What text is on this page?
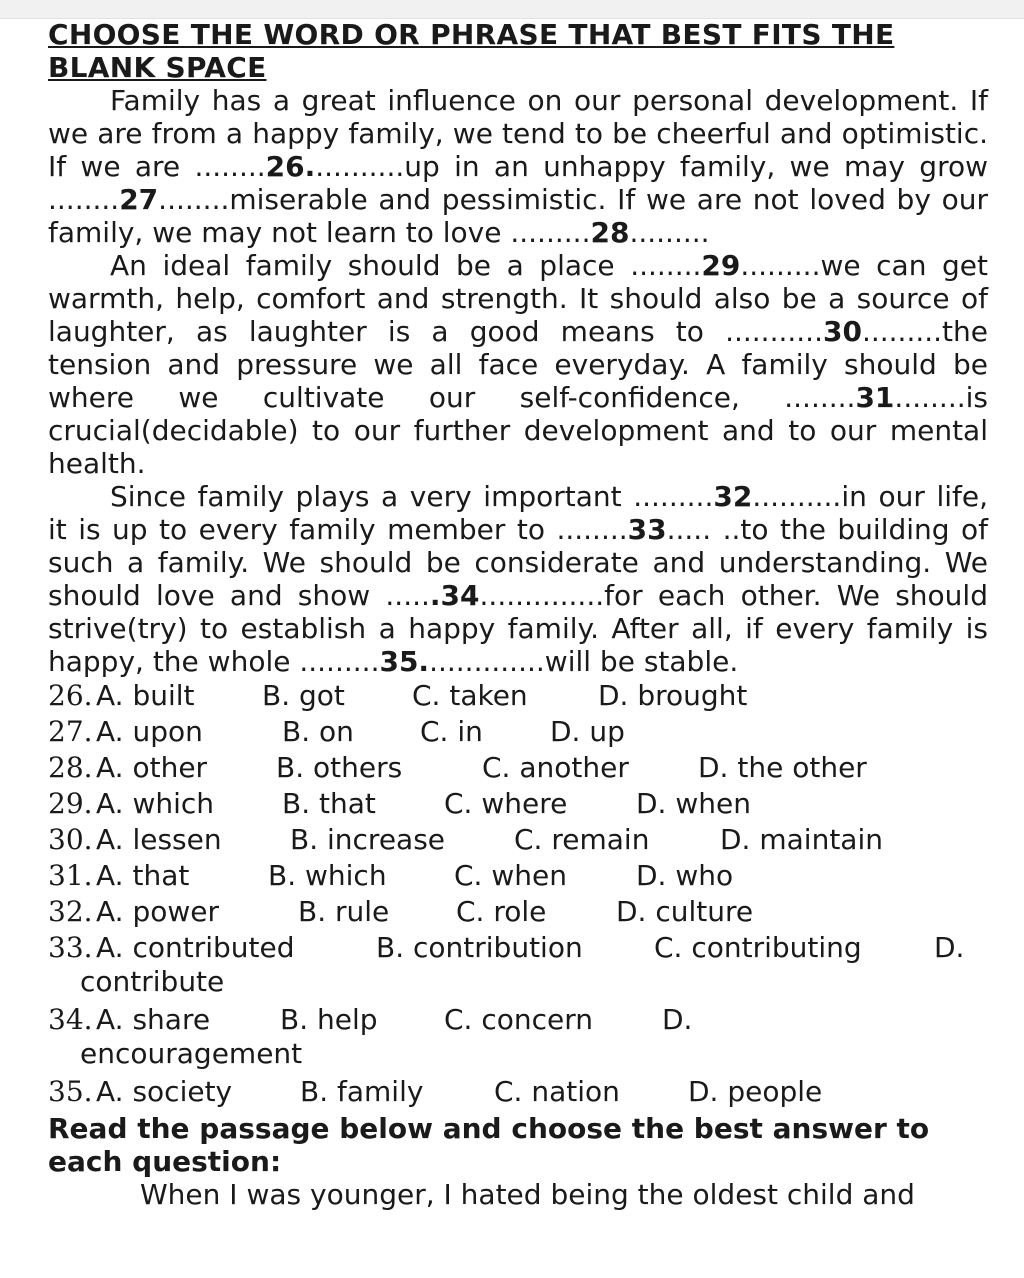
CHOOSE THE WORD OR PHRASE THAT BEST FITS THE BLANK SPACE

Family has a great influence on our personal development. If we are from a happy family, we tend to be cheerful and optimistic. If we are ........26...........up in an unhappy family, we may grow ........27........miserable and pessimistic. If we are not loved by our family, we may not learn to love .........28.........

An ideal family should be a place ........29.........we can get warmth, help, comfort and strength. It should also be a source of laughter, as laughter is a good means to ...........30.........the tension and pressure we all face everyday. A family should be where we cultivate our self-confidence, ........31........is crucial(decidable) to our further development and to our mental health.

Since family plays a very important .........32..........in our life, it is up to every family member to ........33..... ..to the building of such a family. We should be considerate and understanding. We should love and show ......34..............for each other. We should strive(try) to establish a happy family. After all, if every family is happy, the whole .........35..............will be stable.

26. A. built B. got C. taken	D. brought
27. A. upon	B. on C. in D. up
28. A. other B. others	C. another D. the other
29. A. which B. that C. where D. when
30. A. lessen B. increase C. remain	D. maintain
31. A. that	B. which C. when D. who
32. A. power	B. rule C. role D. culture
33. A. contributed	B. contribution	C. contributing	D.
contribute
34. A. share B. help C. concern D.
encouragement
35. A. society B. family	C. nation D. people

Read the passage below and choose the best answer to each question:

When I was younger, I hated being the oldest child and
